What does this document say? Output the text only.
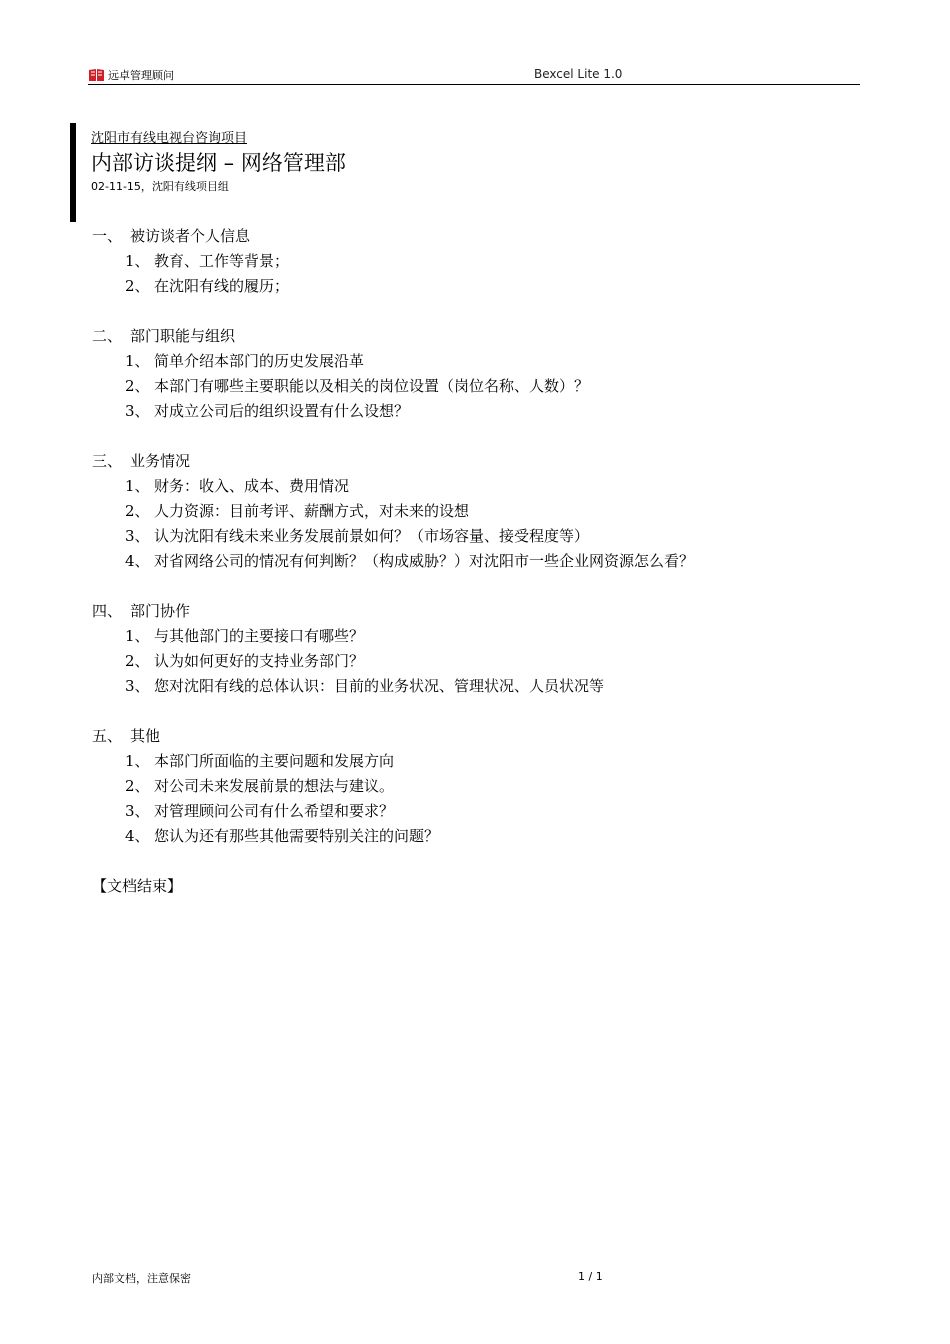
远卓管理顾问	Bexcel Lite 1.0
沈阳市有线电视台咨询项目
内部访谈提纲 – 网络管理部
02-11-15，沈阳有线项目组
一、 被访谈者个人信息
1、 教育、工作等背景；
2、 在沈阳有线的履历；
二、 部门职能与组织
1、 简单介绍本部门的历史发展沿革
2、 本部门有哪些主要职能以及相关的岗位设置（岗位名称、人数）？
3、 对成立公司后的组织设置有什么设想？
三、 业务情况
1、 财务：收入、成本、费用情况
2、 人力资源：目前考评、薪酬方式，对未来的设想
3、 认为沈阳有线未来业务发展前景如何？（市场容量、接受程度等）
4、 对省网络公司的情况有何判断？（构成威胁？）对沈阳市一些企业网资源怎么看？
四、 部门协作
1、 与其他部门的主要接口有哪些？
2、 认为如何更好的支持业务部门？
3、 您对沈阳有线的总体认识：目前的业务状况、管理状况、人员状况等
五、 其他
1、 本部门所面临的主要问题和发展方向
2、 对公司未来发展前景的想法与建议。
3、 对管理顾问公司有什么希望和要求？
4、 您认为还有那些其他需要特别关注的问题？
【文档结束】
内部文档，注意保密	1 / 1
